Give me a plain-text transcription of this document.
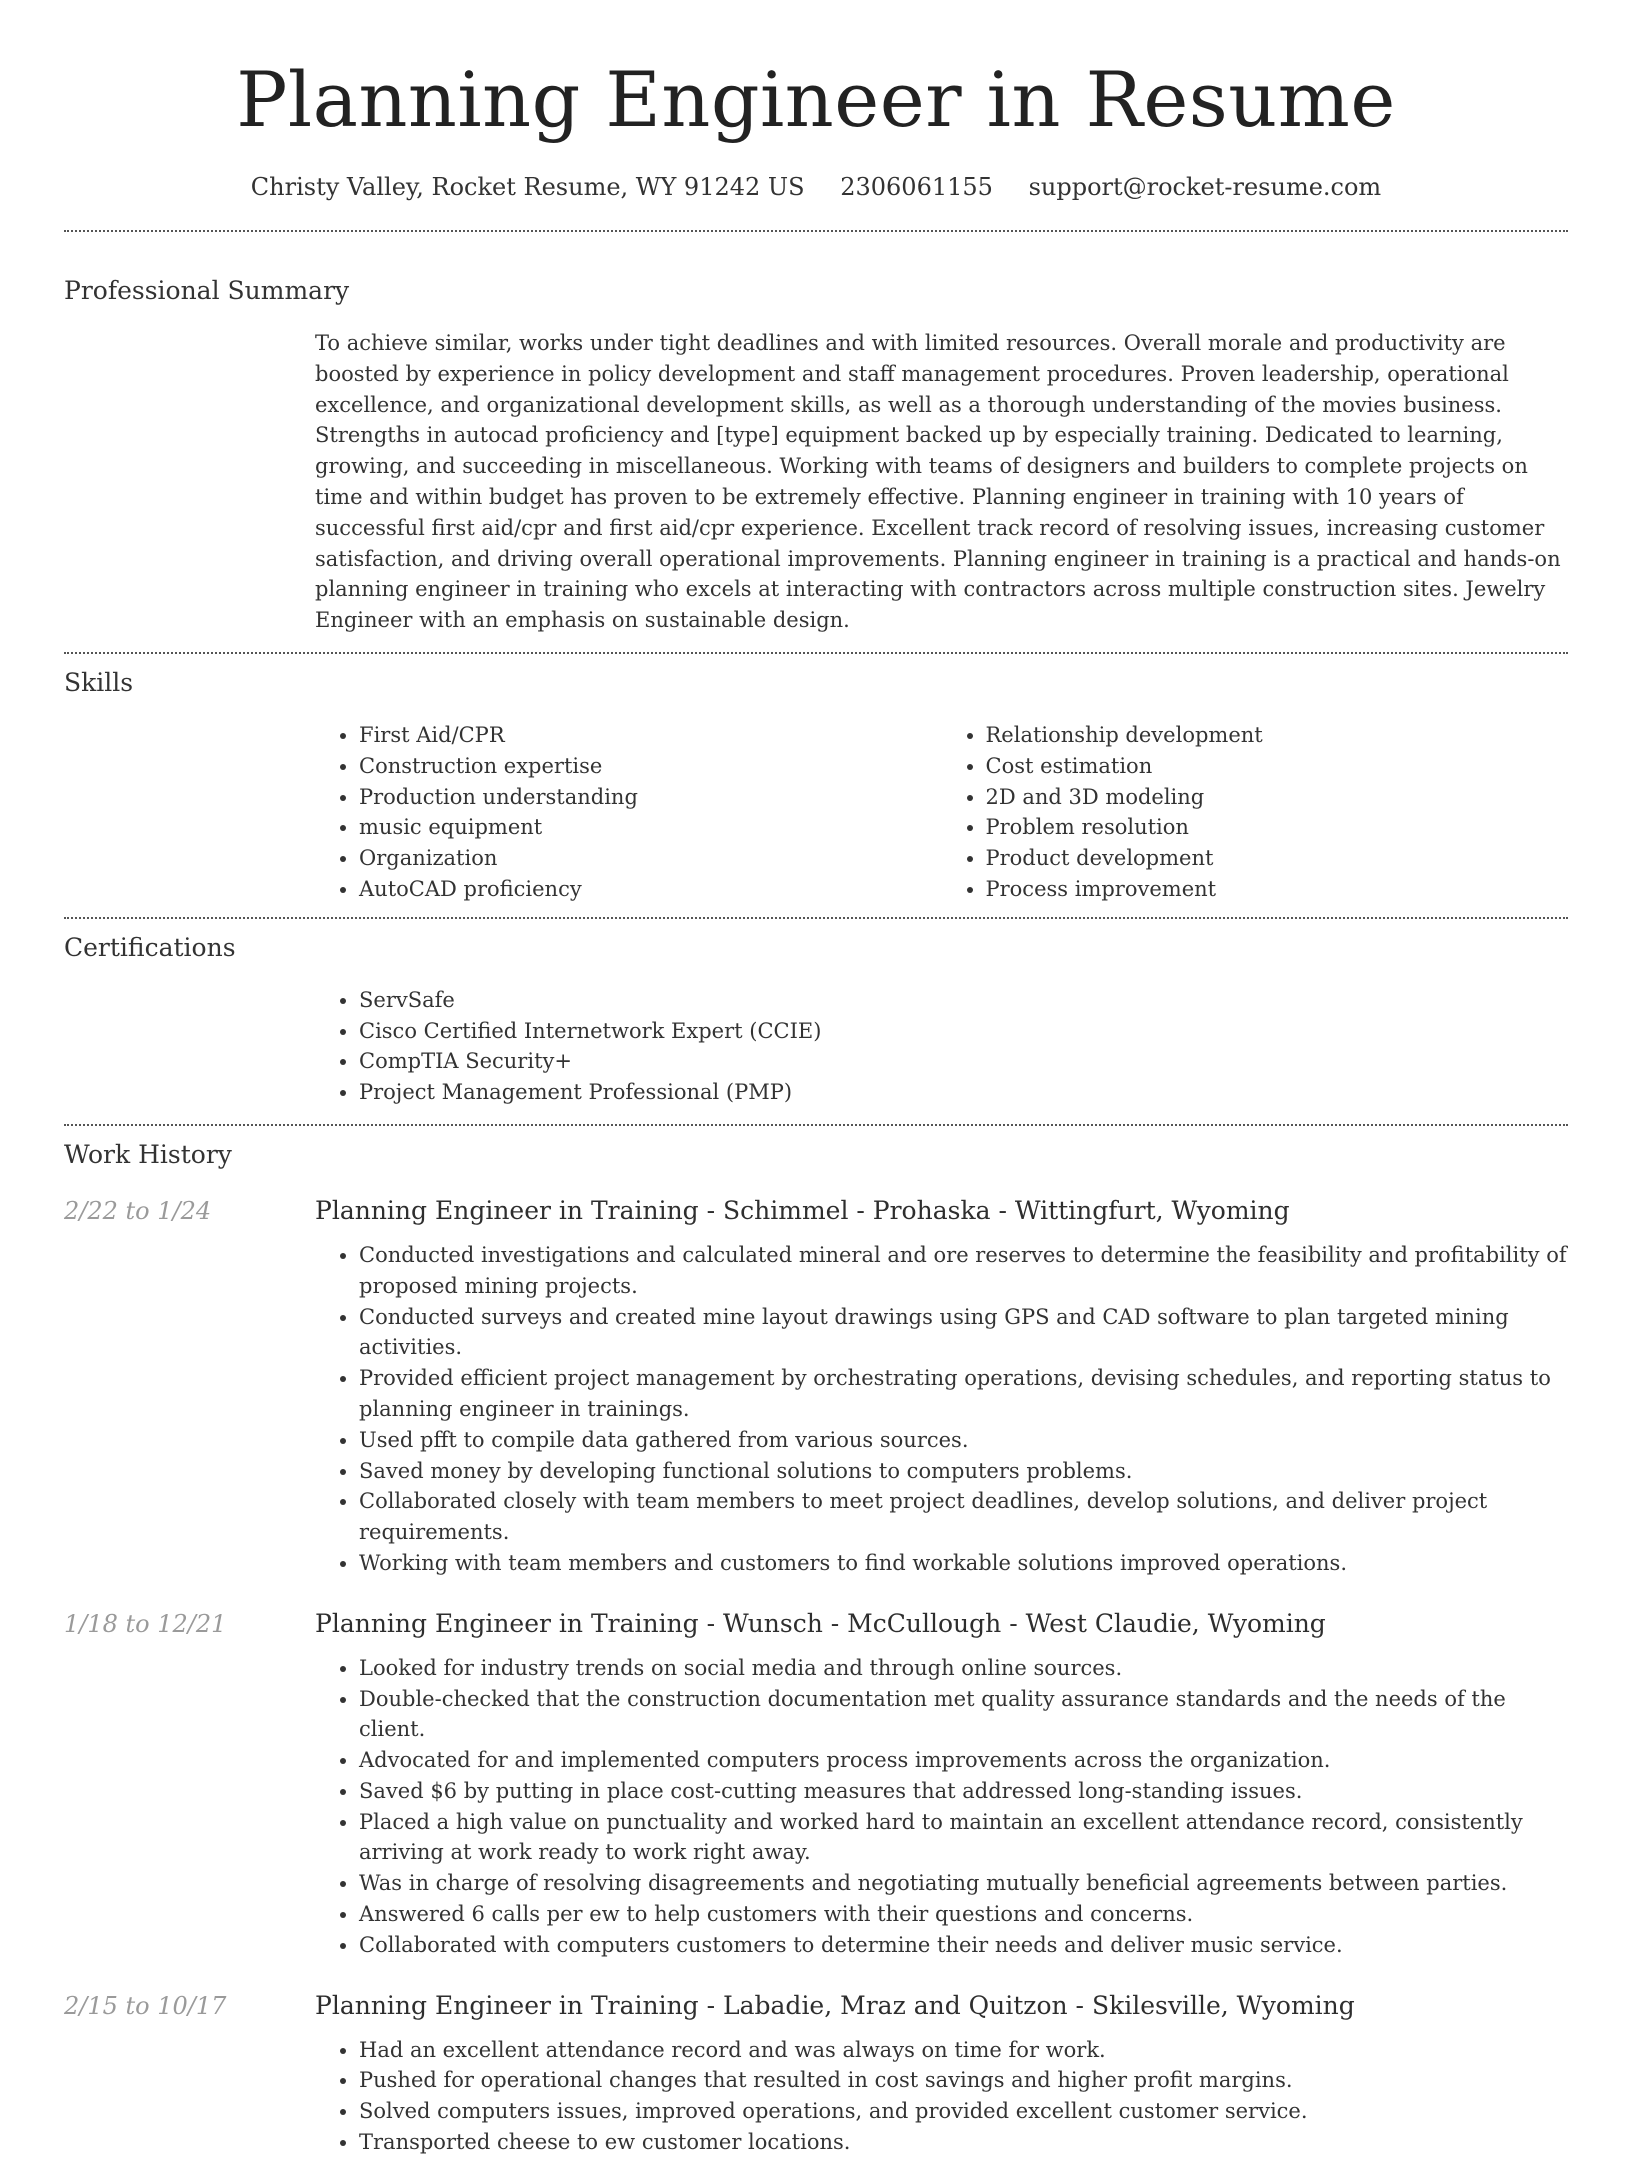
Planning Engineer in Resume
Christy Valley, Rocket Resume, WY 91242 US 2306061155 support@rocket-resume.com
Professional Summary

To achieve similar, works under tight deadlines and with limited resources. Overall morale and productivity are boosted by experience in policy development and staff management procedures. Proven leadership, operational excellence, and organizational development skills, as well as a thorough understanding of the movies business. Strengths in autocad proficiency and [type] equipment backed up by especially training. Dedicated to learning, growing, and succeeding in miscellaneous. Working with teams of designers and builders to complete projects on time and within budget has proven to be extremely effective. Planning engineer in training with 10 years of successful first aid/cpr and first aid/cpr experience. Excellent track record of resolving issues, increasing customer satisfaction, and driving overall operational improvements. Planning engineer in training is a practical and hands-on planning engineer in training who excels at interacting with contractors across multiple construction sites. Jewelry Engineer with an emphasis on sustainable design.

Skills
• First Aid/CPR
• Construction expertise
• Production understanding
• music equipment
• Organization
• AutoCAD proficiency
• Relationship development
• Cost estimation
• 2D and 3D modeling
• Problem resolution
• Product development
• Process improvement
Certifications
• ServSafe
• Cisco Certified Internetwork Expert (CCIE)
• CompTIA Security+
• Project Management Professional (PMP)
Work History
2/22 to 1/24	Planning Engineer in Training - Schimmel - Prohaska - Wittingfurt, Wyoming
• Conducted investigations and calculated mineral and ore reserves to determine the feasibility and profitability of proposed mining projects.
• Conducted surveys and created mine layout drawings using GPS and CAD software to plan targeted mining activities.
• Provided efficient project management by orchestrating operations, devising schedules, and reporting status to planning engineer in trainings.
• Used pfft to compile data gathered from various sources.
• Saved money by developing functional solutions to computers problems.
• Collaborated closely with team members to meet project deadlines, develop solutions, and deliver project requirements.
• Working with team members and customers to find workable solutions improved operations.
1/18 to 12/21	Planning Engineer in Training - Wunsch - McCullough - West Claudie, Wyoming
• Looked for industry trends on social media and through online sources.
• Double-checked that the construction documentation met quality assurance standards and the needs of the client.
• Advocated for and implemented computers process improvements across the organization.
• Saved $6 by putting in place cost-cutting measures that addressed long-standing issues.
• Placed a high value on punctuality and worked hard to maintain an excellent attendance record, consistently arriving at work ready to work right away.
• Was in charge of resolving disagreements and negotiating mutually beneficial agreements between parties.
• Answered 6 calls per ew to help customers with their questions and concerns.
• Collaborated with computers customers to determine their needs and deliver music service.
2/15 to 10/17	Planning Engineer in Training - Labadie, Mraz and Quitzon - Skilesville, Wyoming
• Had an excellent attendance record and was always on time for work.
• Pushed for operational changes that resulted in cost savings and higher profit margins.
• Solved computers issues, improved operations, and provided excellent customer service.
• Transported cheese to ew customer locations.
